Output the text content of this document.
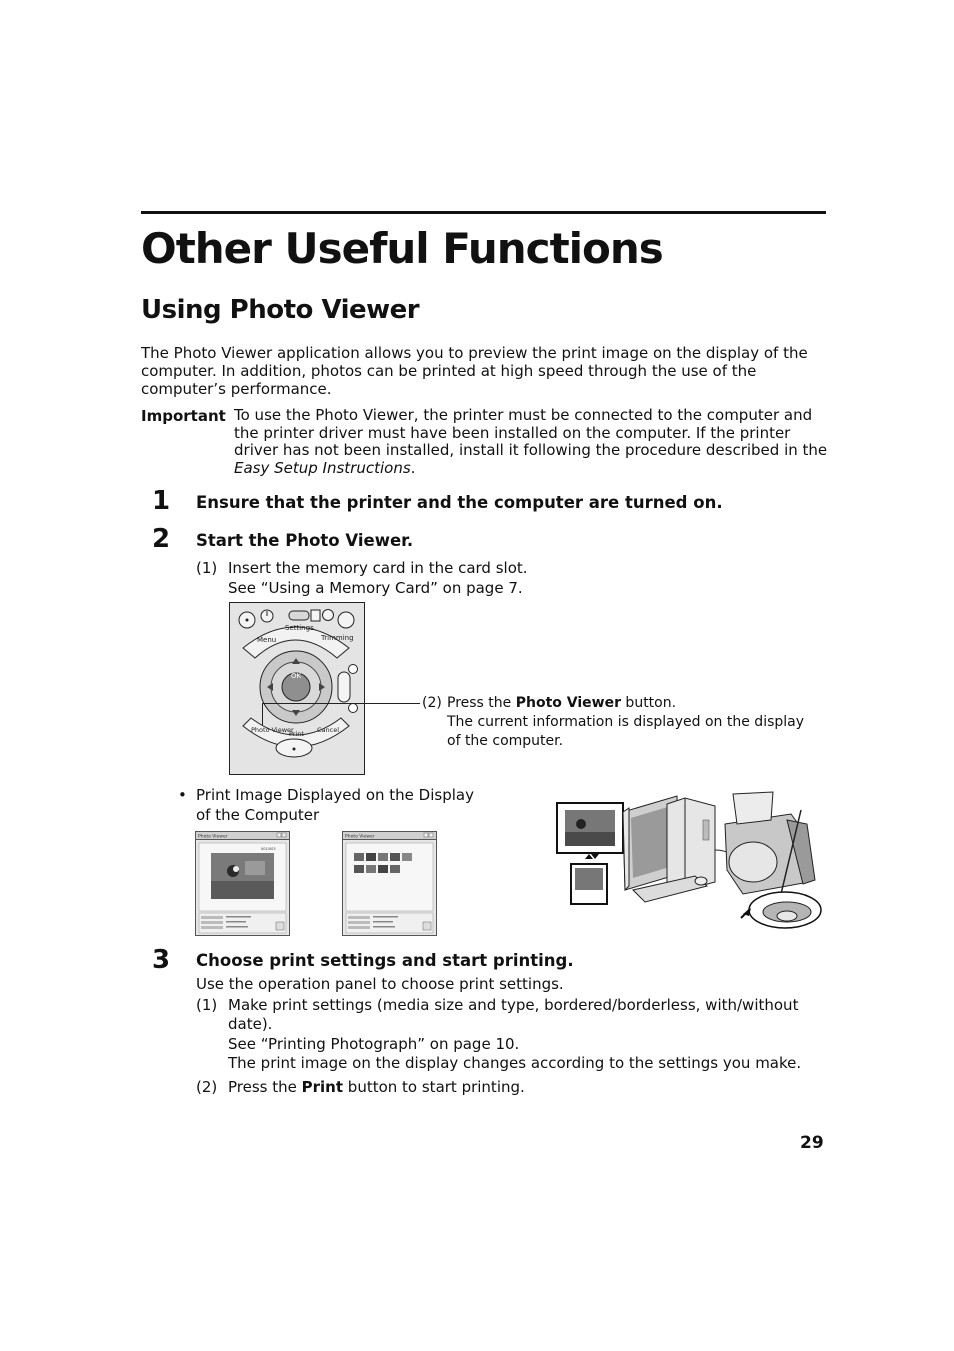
Other Useful Functions
Using Photo Viewer
The Photo Viewer application allows you to preview the print image on the display of the computer. In addition, photos can be printed at high speed through the use of the computer’s performance.
Important To use the Photo Viewer, the printer must be connected to the computer and the printer driver must have been installed on the computer. If the printer driver has not been installed, install it following the procedure described in the Easy Setup Instructions.
1 Ensure that the printer and the computer are turned on.
2 Start the Photo Viewer.
(1) Insert the memory card in the card slot.
See “Using a Memory Card” on page 7.
Menu
Settings
Trimming
OK
Photo Viewer
Print Cancel
(2) Press the Photo Viewer button.
The current information is displayed on the display of the computer.
• Print Image Displayed on the Display of the Computer
Photo Viewer
001/003
Photo Viewer
3 Choose print settings and start printing.
Use the operation panel to choose print settings.
(1) Make print settings (media size and type, bordered/borderless, with/without
date).
See “Printing Photograph” on page 10.
The print image on the display changes according to the settings you make.
(2) Press the Print button to start printing.
29
